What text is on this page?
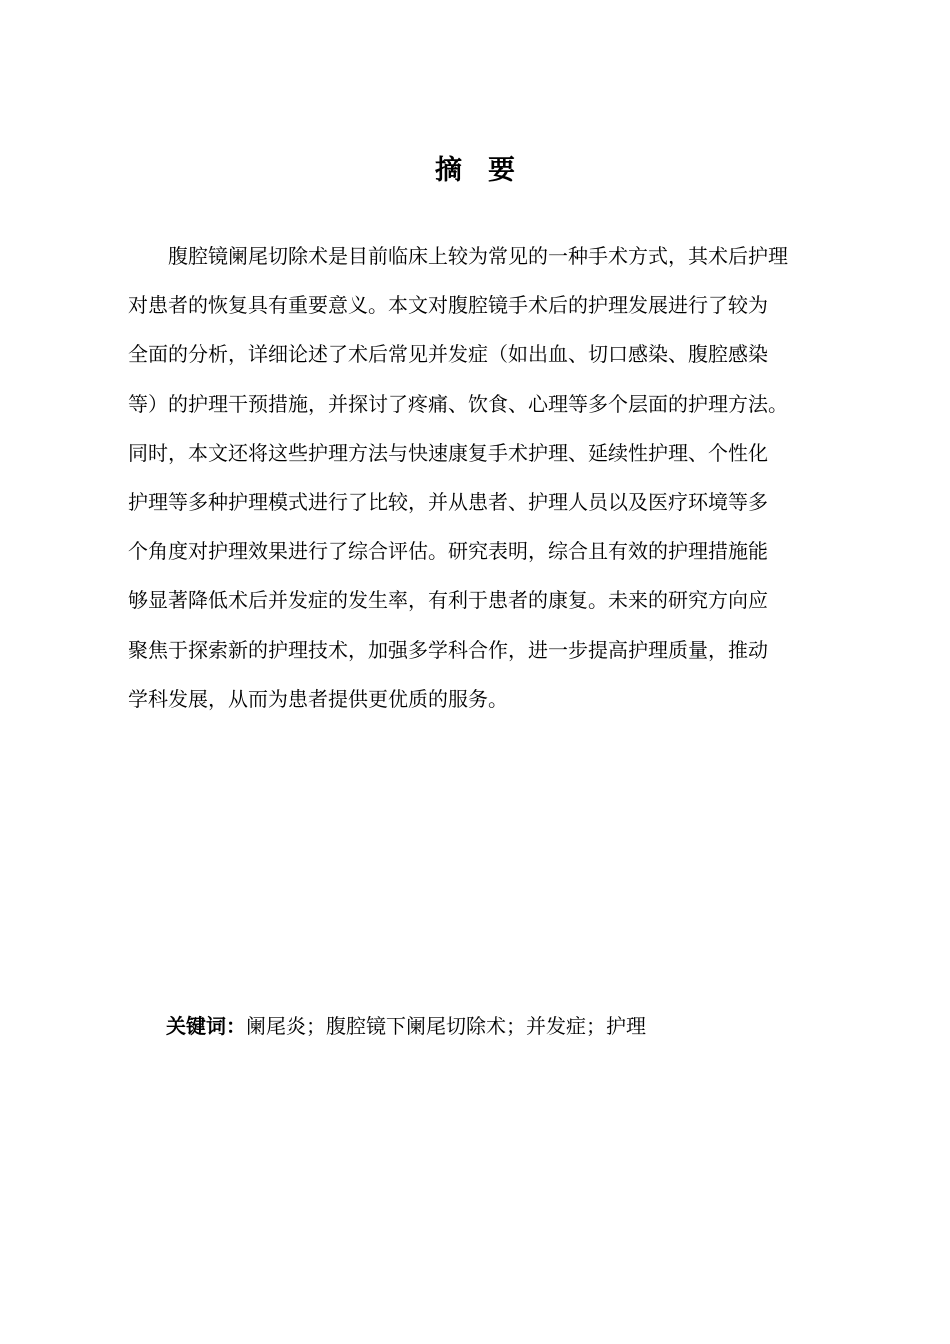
摘 要
腹腔镜阑尾切除术是目前临床上较为常见的一种手术方式，其术后护理
对患者的恢复具有重要意义。本文对腹腔镜手术后的护理发展进行了较为
全面的分析，详细论述了术后常见并发症（如出血、切口感染、腹腔感染
等）的护理干预措施，并探讨了疼痛、饮食、心理等多个层面的护理方法。
同时，本文还将这些护理方法与快速康复手术护理、延续性护理、个性化
护理等多种护理模式进行了比较，并从患者、护理人员以及医疗环境等多
个角度对护理效果进行了综合评估。研究表明，综合且有效的护理措施能
够显著降低术后并发症的发生率，有利于患者的康复。未来的研究方向应
聚焦于探索新的护理技术，加强多学科合作，进一步提高护理质量，推动
学科发展，从而为患者提供更优质的服务。
关键词：阑尾炎；腹腔镜下阑尾切除术；并发症；护理
